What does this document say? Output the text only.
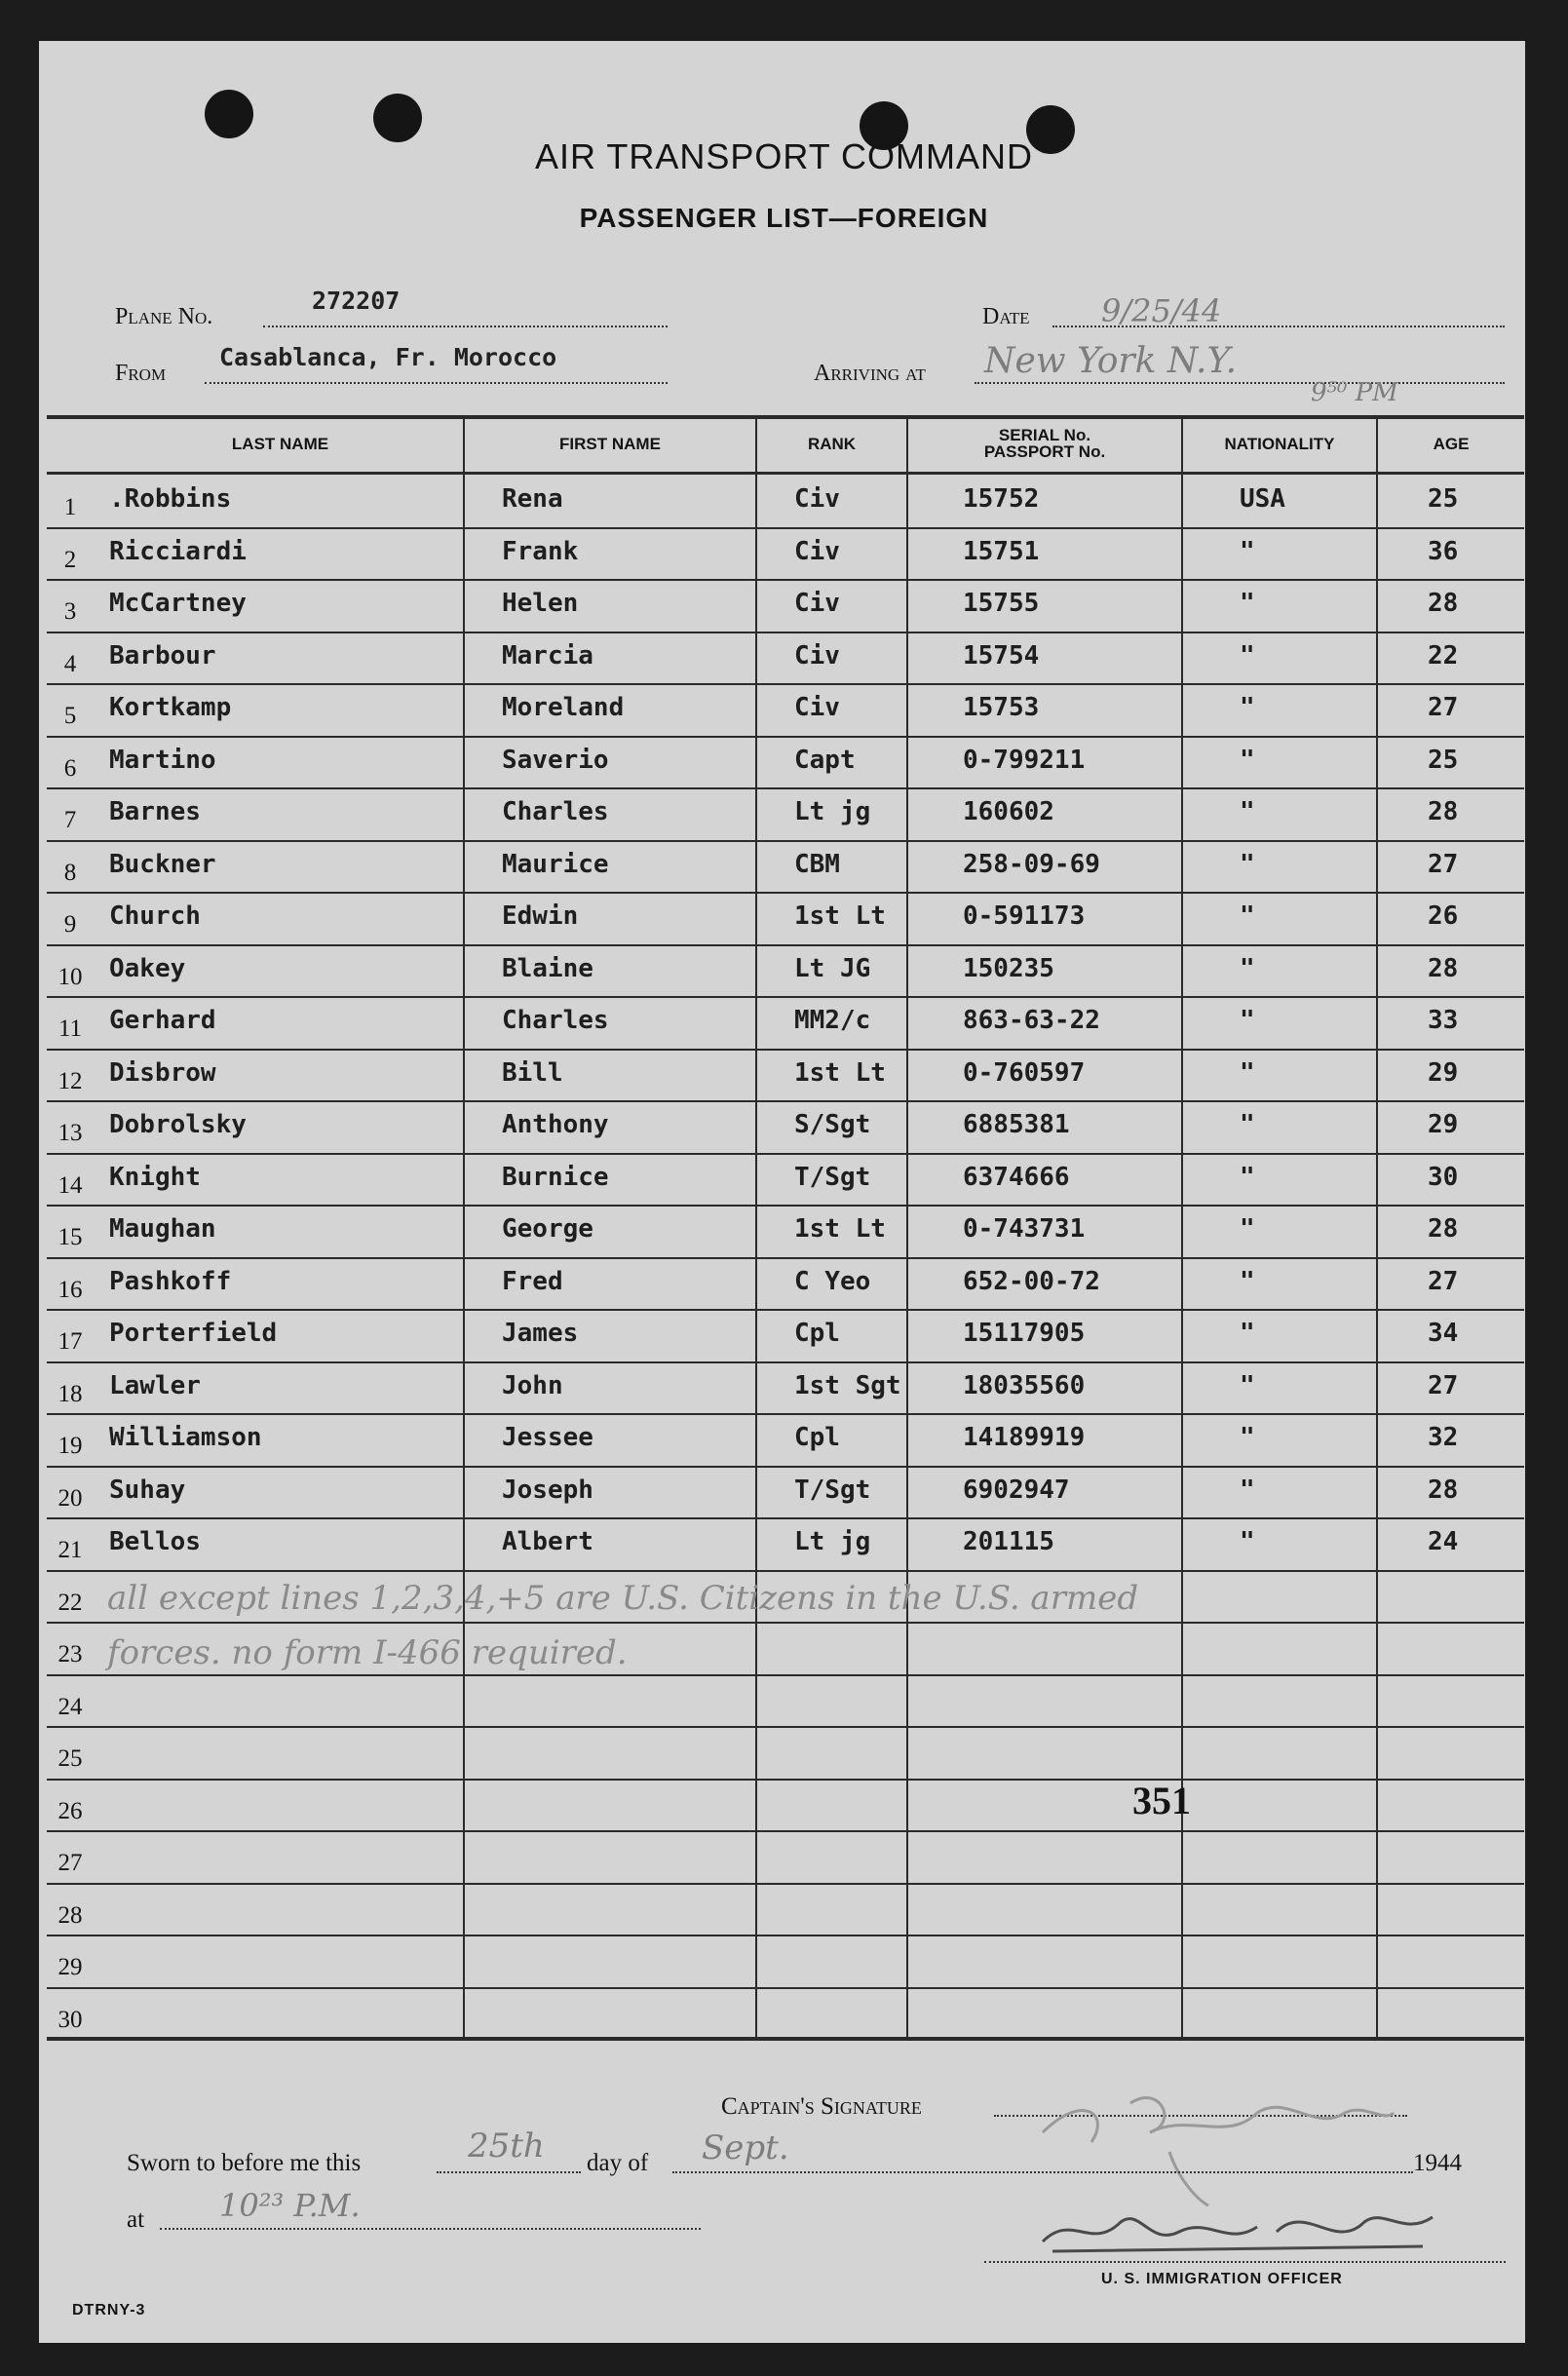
AIR TRANSPORT COMMAND
PASSENGER LIST—FOREIGN
Plane No.
272207
From
Casablanca, Fr. Morocco
Date 9/25/44
Arriving at New York N.Y.
9⁵⁰ PM
LAST NAME	FIRST NAME	RANK	SERIAL No.
PASSPORT No.	NATIONALITY	AGE
1	.Robbins	Rena	Civ	15752	USA	25
2	Ricciardi	Frank	Civ	15751	"	36
3	McCartney	Helen	Civ	15755	"	28
4	Barbour	Marcia	Civ	15754	"	22
5	Kortkamp	Moreland	Civ	15753	"	27
6	Martino	Saverio	Capt	0-799211	"	25
7	Barnes	Charles	Lt jg	160602	"	28
8	Buckner	Maurice	CBM	258-09-69	"	27
9	Church	Edwin	1st Lt	0-591173	"	26
10	Oakey	Blaine	Lt JG	150235	"	28
11	Gerhard	Charles	MM2/c	863-63-22	"	33
12	Disbrow	Bill	1st Lt	0-760597	"	29
13	Dobrolsky	Anthony	S/Sgt	6885381	"	29
14	Knight	Burnice	T/Sgt	6374666	"	30
15	Maughan	George	1st Lt	0-743731	"	28
16	Pashkoff	Fred	C Yeo	652-00-72	"	27
17	Porterfield	James	Cpl	15117905	"	34
18	Lawler	John	1st Sgt 18035560	"	27
19	Williamson	Jessee	Cpl	14189919	"	32
20	Suhay	Joseph	T/Sgt	6902947	"	28
21	Bellos	Albert	Lt jg	201115	"	24
22
23
24
25
26
27
28
29
30
all except lines 1,2,3,4,+5 are U.S. Citizens in the U.S. armed
forces. no form I-466 required.
351
Captain's Signature
Sworn to before me this	25th day of Sept.	1944
at 10²³ P.M.
U. S. IMMIGRATION OFFICER
DTRNY-3
